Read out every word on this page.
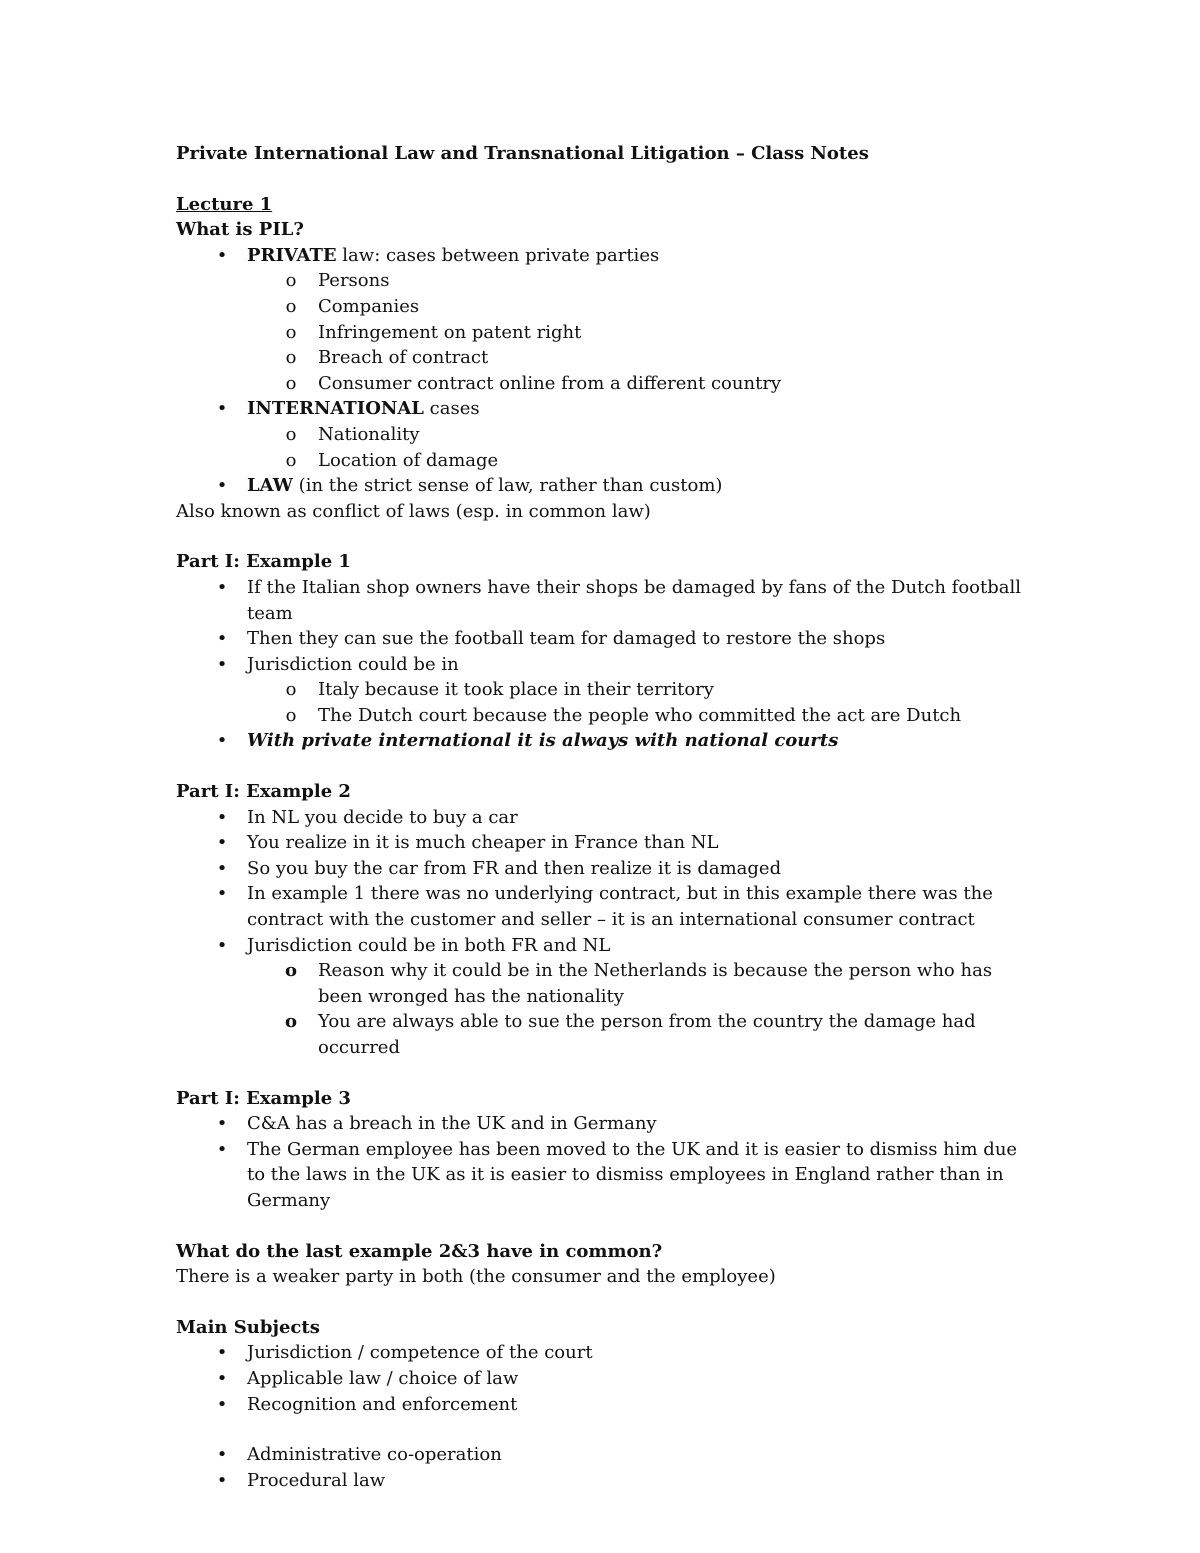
Private International Law and Transnational Litigation – Class Notes

Lecture 1

What is PIL?

• PRIVATE law: cases between private parties
o Persons
o Companies
o Infringement on patent right
o Breach of contract
o Consumer contract online from a different country
• INTERNATIONAL cases
o Nationality
o Location of damage
• LAW (in the strict sense of law, rather than custom)

Also known as conflict of laws (esp. in common law)

Part I: Example 1

• If the Italian shop owners have their shops be damaged by fans of the Dutch football team
• Then they can sue the football team for damaged to restore the shops
• Jurisdiction could be in
o Italy because it took place in their territory
o The Dutch court because the people who committed the act are Dutch
• With private international it is always with national courts

Part I: Example 2

• In NL you decide to buy a car
• You realize in it is much cheaper in France than NL
• So you buy the car from FR and then realize it is damaged
• In example 1 there was no underlying contract, but in this example there was the contract with the customer and seller – it is an international consumer contract
• Jurisdiction could be in both FR and NL
o Reason why it could be in the Netherlands is because the person who has been wronged has the nationality
o You are always able to sue the person from the country the damage had occurred

Part I: Example 3

• C&A has a breach in the UK and in Germany
• The German employee has been moved to the UK and it is easier to dismiss him due to the laws in the UK as it is easier to dismiss employees in England rather than in Germany

What do the last example 2&3 have in common?

There is a weaker party in both (the consumer and the employee)

Main Subjects

• Jurisdiction / competence of the court
• Applicable law / choice of law
• Recognition and enforcement
• Administrative co-operation
• Procedural law
